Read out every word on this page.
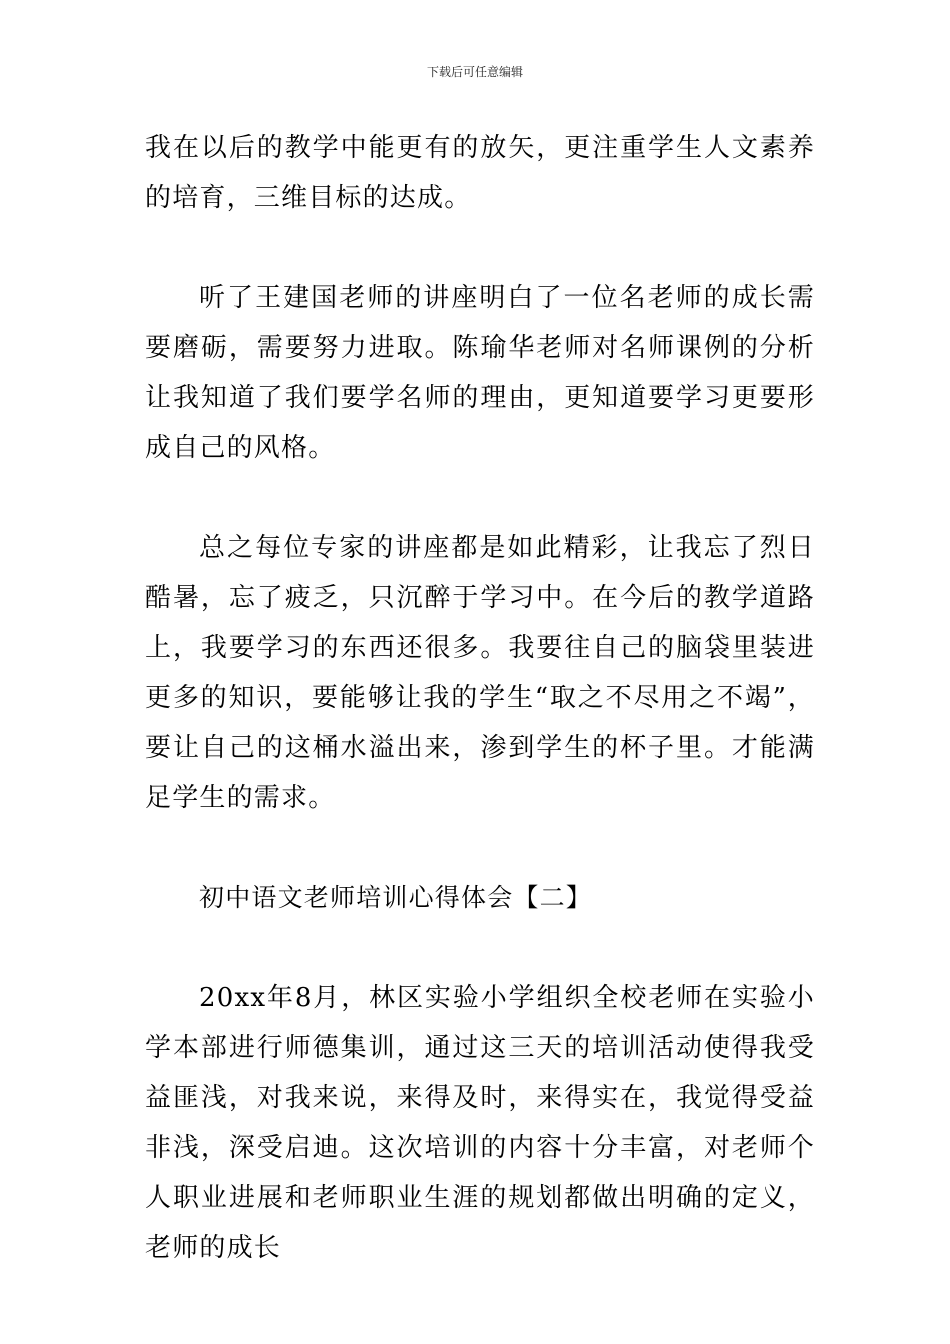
下载后可任意编辑

我在以后的教学中能更有的放矢，更注重学生人文素养的培育，三维目标的达成。

听了王建国老师的讲座明白了一位名老师的成长需要磨砺，需要努力进取。陈瑜华老师对名师课例的分析让我知道了我们要学名师的理由，更知道要学习更要形成自己的风格。

总之每位专家的讲座都是如此精彩，让我忘了烈日酷暑，忘了疲乏，只沉醉于学习中。在今后的教学道路上，我要学习的东西还很多。我要往自己的脑袋里装进更多的知识，要能够让我的学生“取之不尽用之不竭”，要让自己的这桶水溢出来，渗到学生的杯子里。才能满足学生的需求。

初中语文老师培训心得体会【二】

20xx年8月，林区实验小学组织全校老师在实验小学本部进行师德集训，通过这三天的培训活动使得我受益匪浅，对我来说，来得及时，来得实在，我觉得受益非浅，深受启迪。这次培训的内容十分丰富，对老师个人职业进展和老师职业生涯的规划都做出明确的定义，老师的成长
